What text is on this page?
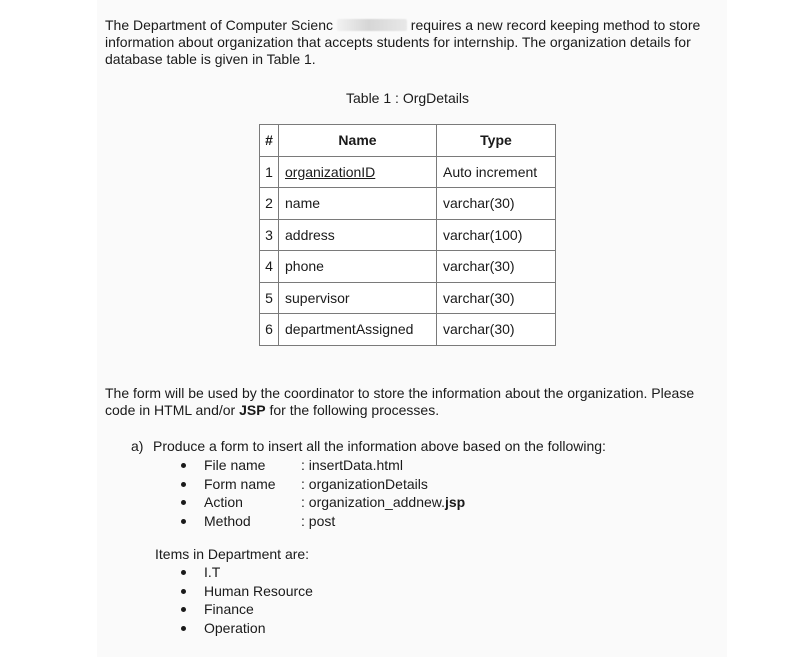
The Department of Computer Scienc	requires a new record keeping method to store information about organization that accepts students for internship. The organization details for database table is given in Table 1.

Table 1 : OrgDetails

#	Name	Type
1	organizationID	Auto increment
2	name	varchar(30)
3	address	varchar(100)
4	phone	varchar(30)
5	supervisor	varchar(30)
6	departmentAssigned	varchar(30)

The form will be used by the coordinator to store the information about the organization. Please code in HTML and/or JSP for the following processes.

a) Produce a form to insert all the information above based on the following:

File name	: insertData.html
Form name : organizationDetails
Action	: organization_addnew.jsp
Method	: post

Items in Department are:

I.T
Human Resource
Finance
Operation
